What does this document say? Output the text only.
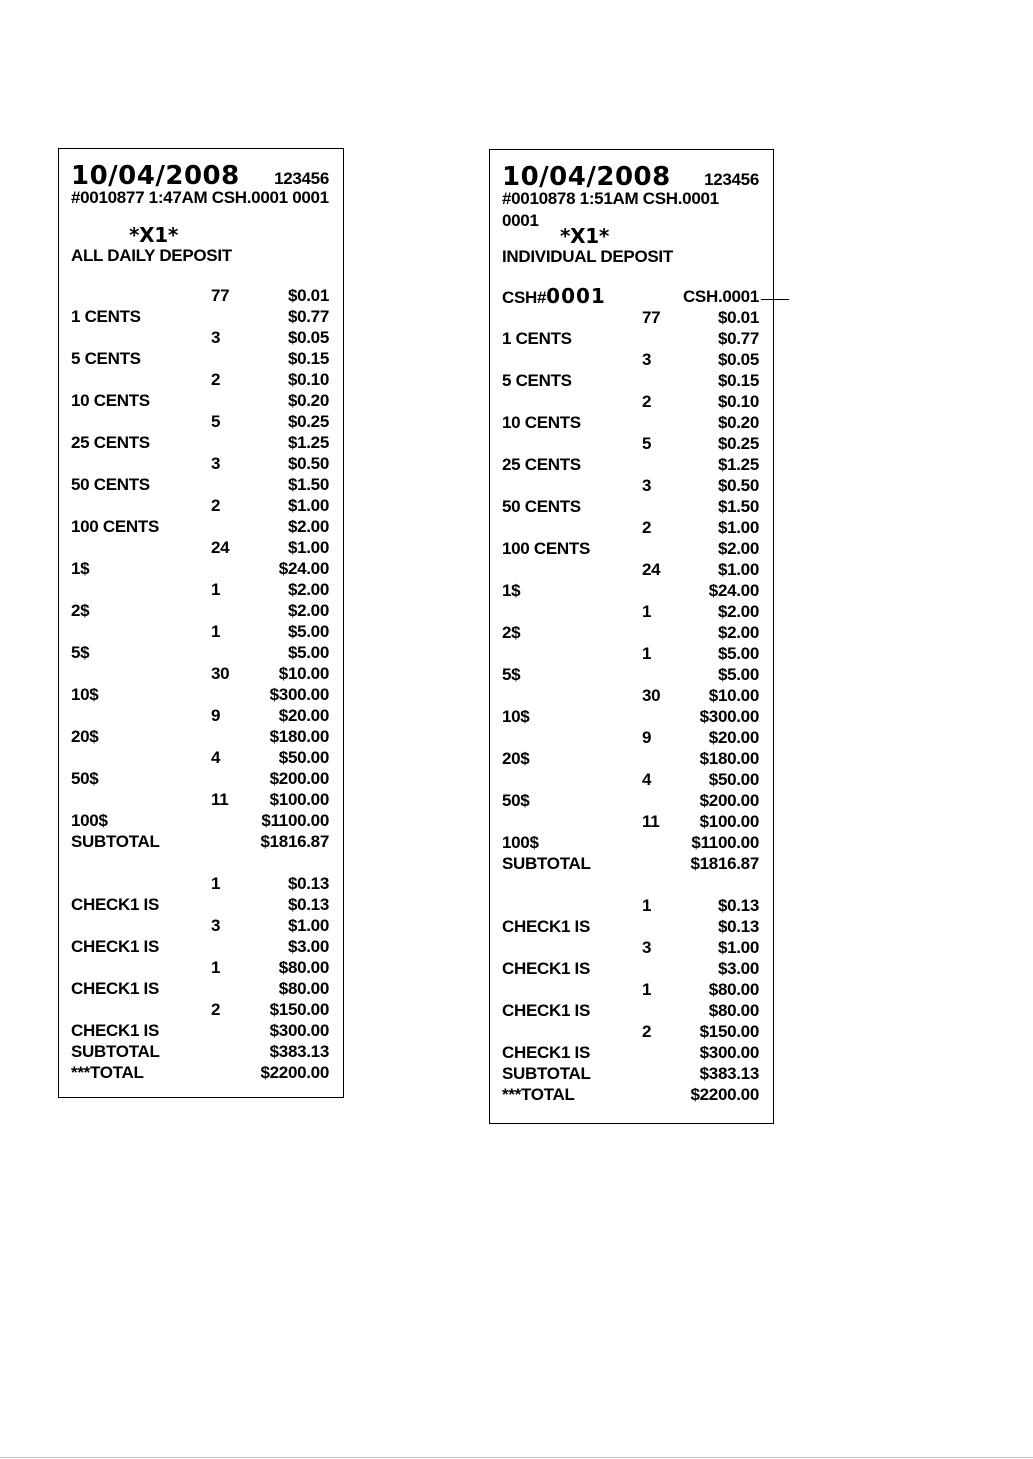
10/04/2008 123456
#0010877 1:47AM CSH.0001 0001
*X1*
ALL DAILY DEPOSIT
77	$0.01
1 CENTS	$0.77
3	$0.05
5 CENTS	$0.15
2	$0.10
10 CENTS	$0.20
5	$0.25
25 CENTS	$1.25
3	$0.50
50 CENTS	$1.50
2	$1.00
100 CENTS	$2.00
24	$1.00
1$	$24.00
1	$2.00
2$	$2.00
1	$5.00
5$	$5.00
30	$10.00
10$	$300.00
9	$20.00
20$	$180.00
4	$50.00
50$	$200.00
11 $100.00
100$	$1100.00
SUBTOTAL	$1816.87
1	$0.13
CHECK1 IS	$0.13
3	$1.00
CHECK1 IS	$3.00
1	$80.00
CHECK1 IS	$80.00
2	$150.00
CHECK1 IS	$300.00
SUBTOTAL	$383.13
***TOTAL	$2200.00
10/04/2008 123456
#0010878 1:51AM CSH.0001 0001
*X1*
INDIVIDUAL DEPOSIT
CSH#0001	CSH.0001
77	$0.01
1 CENTS	$0.77
3	$0.05
5 CENTS	$0.15
2	$0.10
10 CENTS	$0.20
5	$0.25
25 CENTS	$1.25
3	$0.50
50 CENTS	$1.50
2	$1.00
100 CENTS	$2.00
24	$1.00
1$	$24.00
1	$2.00
2$	$2.00
1	$5.00
5$	$5.00
30	$10.00
10$	$300.00
9	$20.00
20$	$180.00
4	$50.00
50$	$200.00
11 $100.00
100$	$1100.00
SUBTOTAL	$1816.87
1	$0.13
CHECK1 IS	$0.13
3	$1.00
CHECK1 IS	$3.00
1	$80.00
CHECK1 IS	$80.00
2	$150.00
CHECK1 IS	$300.00
SUBTOTAL	$383.13
***TOTAL	$2200.00
